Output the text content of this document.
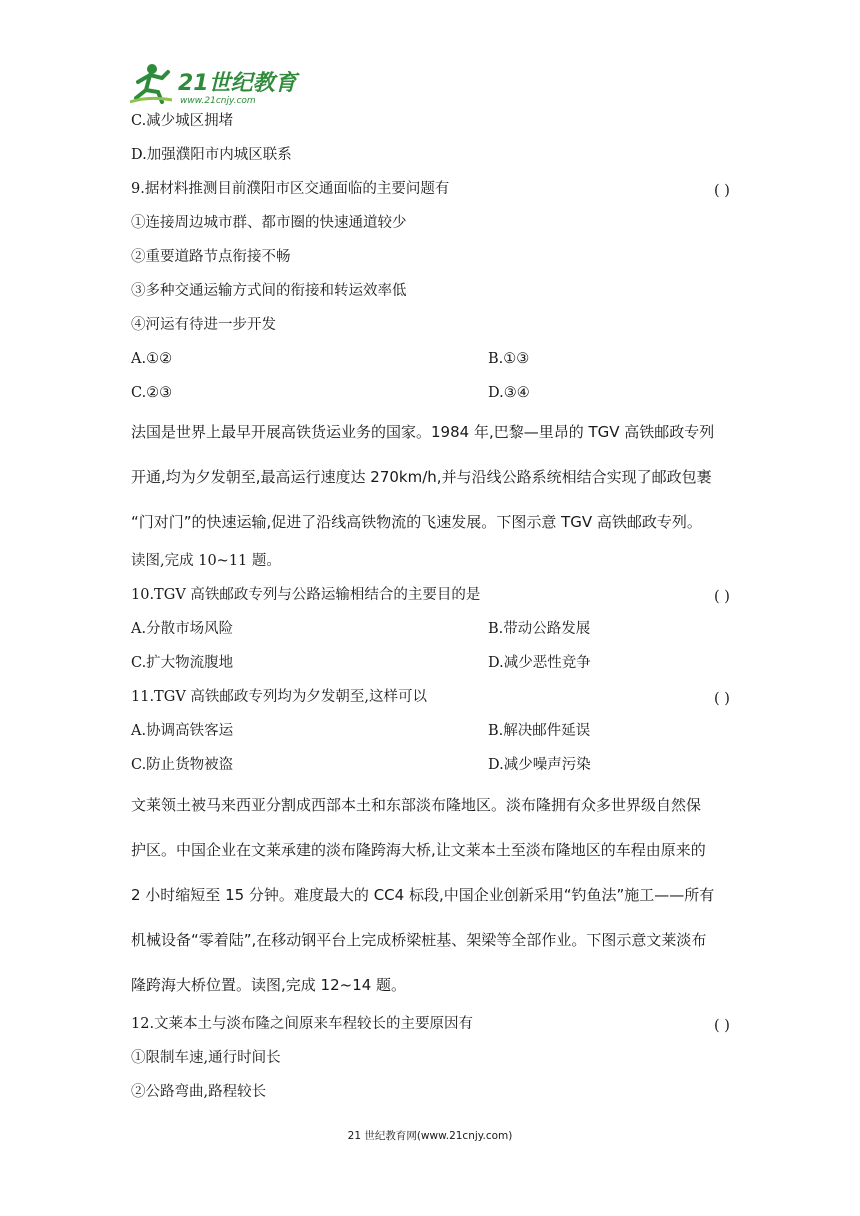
21世纪教育
www.21cnjy.com
C.减少城区拥堵
D.加强濮阳市内城区联系
9.据材料推测目前濮阳市区交通面临的主要问题有	( )
①连接周边城市群、都市圈的快速通道较少
②重要道路节点衔接不畅
③多种交通运输方式间的衔接和转运效率低
④河运有待进一步开发
A.①②	B.①③
C.②③	D.③④
法国是世界上最早开展高铁货运业务的国家。1984 年,巴黎—里昂的 TGV 高铁邮政专列
开通,均为夕发朝至,最高运行速度达 270km/h,并与沿线公路系统相结合实现了邮政包裹
“门对门”的快速运输,促进了沿线高铁物流的飞速发展。下图示意 TGV 高铁邮政专列。
读图,完成 10~11 题。
10.TGV 高铁邮政专列与公路运输相结合的主要目的是	( )
A.分散市场风险	B.带动公路发展
C.扩大物流腹地	D.减少恶性竞争
11.TGV 高铁邮政专列均为夕发朝至,这样可以	( )
A.协调高铁客运	B.解决邮件延误
C.防止货物被盗	D.减少噪声污染
文莱领土被马来西亚分割成西部本土和东部淡布隆地区。淡布隆拥有众多世界级自然保
护区。中国企业在文莱承建的淡布隆跨海大桥,让文莱本土至淡布隆地区的车程由原来的
2 小时缩短至 15 分钟。难度最大的 CC4 标段,中国企业创新采用“钓鱼法”施工——所有
机械设备“零着陆”,在移动钢平台上完成桥梁桩基、架梁等全部作业。下图示意文莱淡布
隆跨海大桥位置。读图,完成 12~14 题。
12.文莱本土与淡布隆之间原来车程较长的主要原因有	( )
①限制车速,通行时间长
②公路弯曲,路程较长
21 世纪教育网(www.21cnjy.com)
